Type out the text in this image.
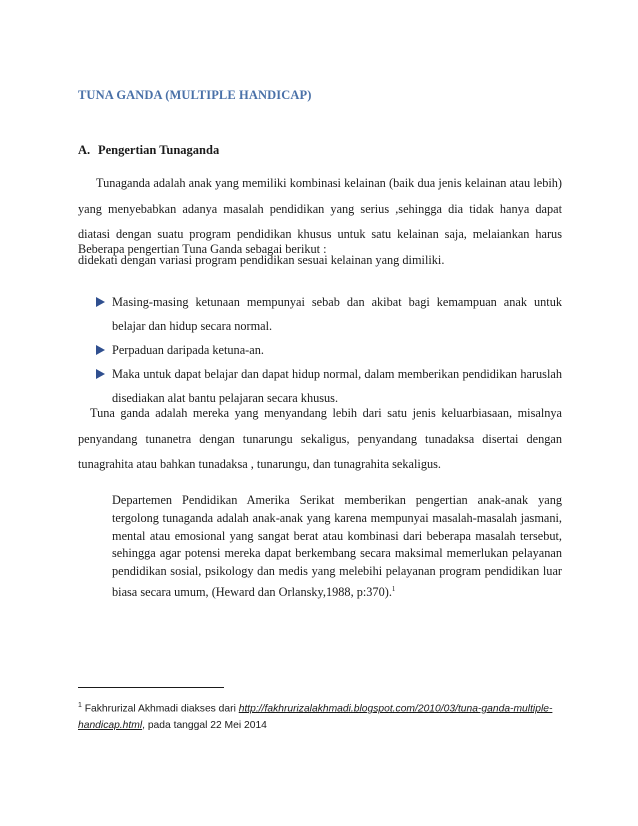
TUNA GANDA (MULTIPLE HANDICAP)
A. Pengertian Tunaganda
Tunaganda adalah anak yang memiliki kombinasi kelainan (baik dua jenis kelainan atau lebih) yang menyebabkan adanya masalah pendidikan yang serius ,sehingga dia tidak hanya dapat diatasi dengan suatu program pendidikan khusus untuk satu kelainan saja, melaiankan harus didekati dengan variasi program pendidikan sesuai kelainan yang dimiliki.
Beberapa pengertian Tuna Ganda sebagai berikut :
Masing-masing ketunaan mempunyai sebab dan akibat bagi kemampuan anak untuk belajar dan hidup secara normal.
Perpaduan daripada ketuna-an.
Maka untuk dapat belajar dan dapat hidup normal, dalam memberikan pendidikan haruslah disediakan alat bantu pelajaran secara khusus.
Tuna ganda adalah mereka yang menyandang lebih dari satu jenis keluarbiasaan, misalnya penyandang tunanetra dengan tunarungu sekaligus, penyandang tunadaksa disertai dengan tunagrahita atau bahkan tunadaksa , tunarungu, dan tunagrahita sekaligus.
Departemen Pendidikan Amerika Serikat memberikan pengertian anak-anak yang tergolong tunaganda adalah anak-anak yang karena mempunyai masalah-masalah jasmani, mental atau emosional yang sangat berat atau kombinasi dari beberapa masalah tersebut, sehingga agar potensi mereka dapat berkembang secara maksimal memerlukan pelayanan pendidikan sosial, psikology dan medis yang melebihi pelayanan program pendidikan luar biasa secara umum, (Heward dan Orlansky,1988, p:370).$^1$
$^1$ Fakhrurizal Akhmadi diakses dari http://fakhrurizalakhmadi.blogspot.com/2010/03/tuna-ganda-multiple-handicap.html, pada tanggal 22 Mei 2014
